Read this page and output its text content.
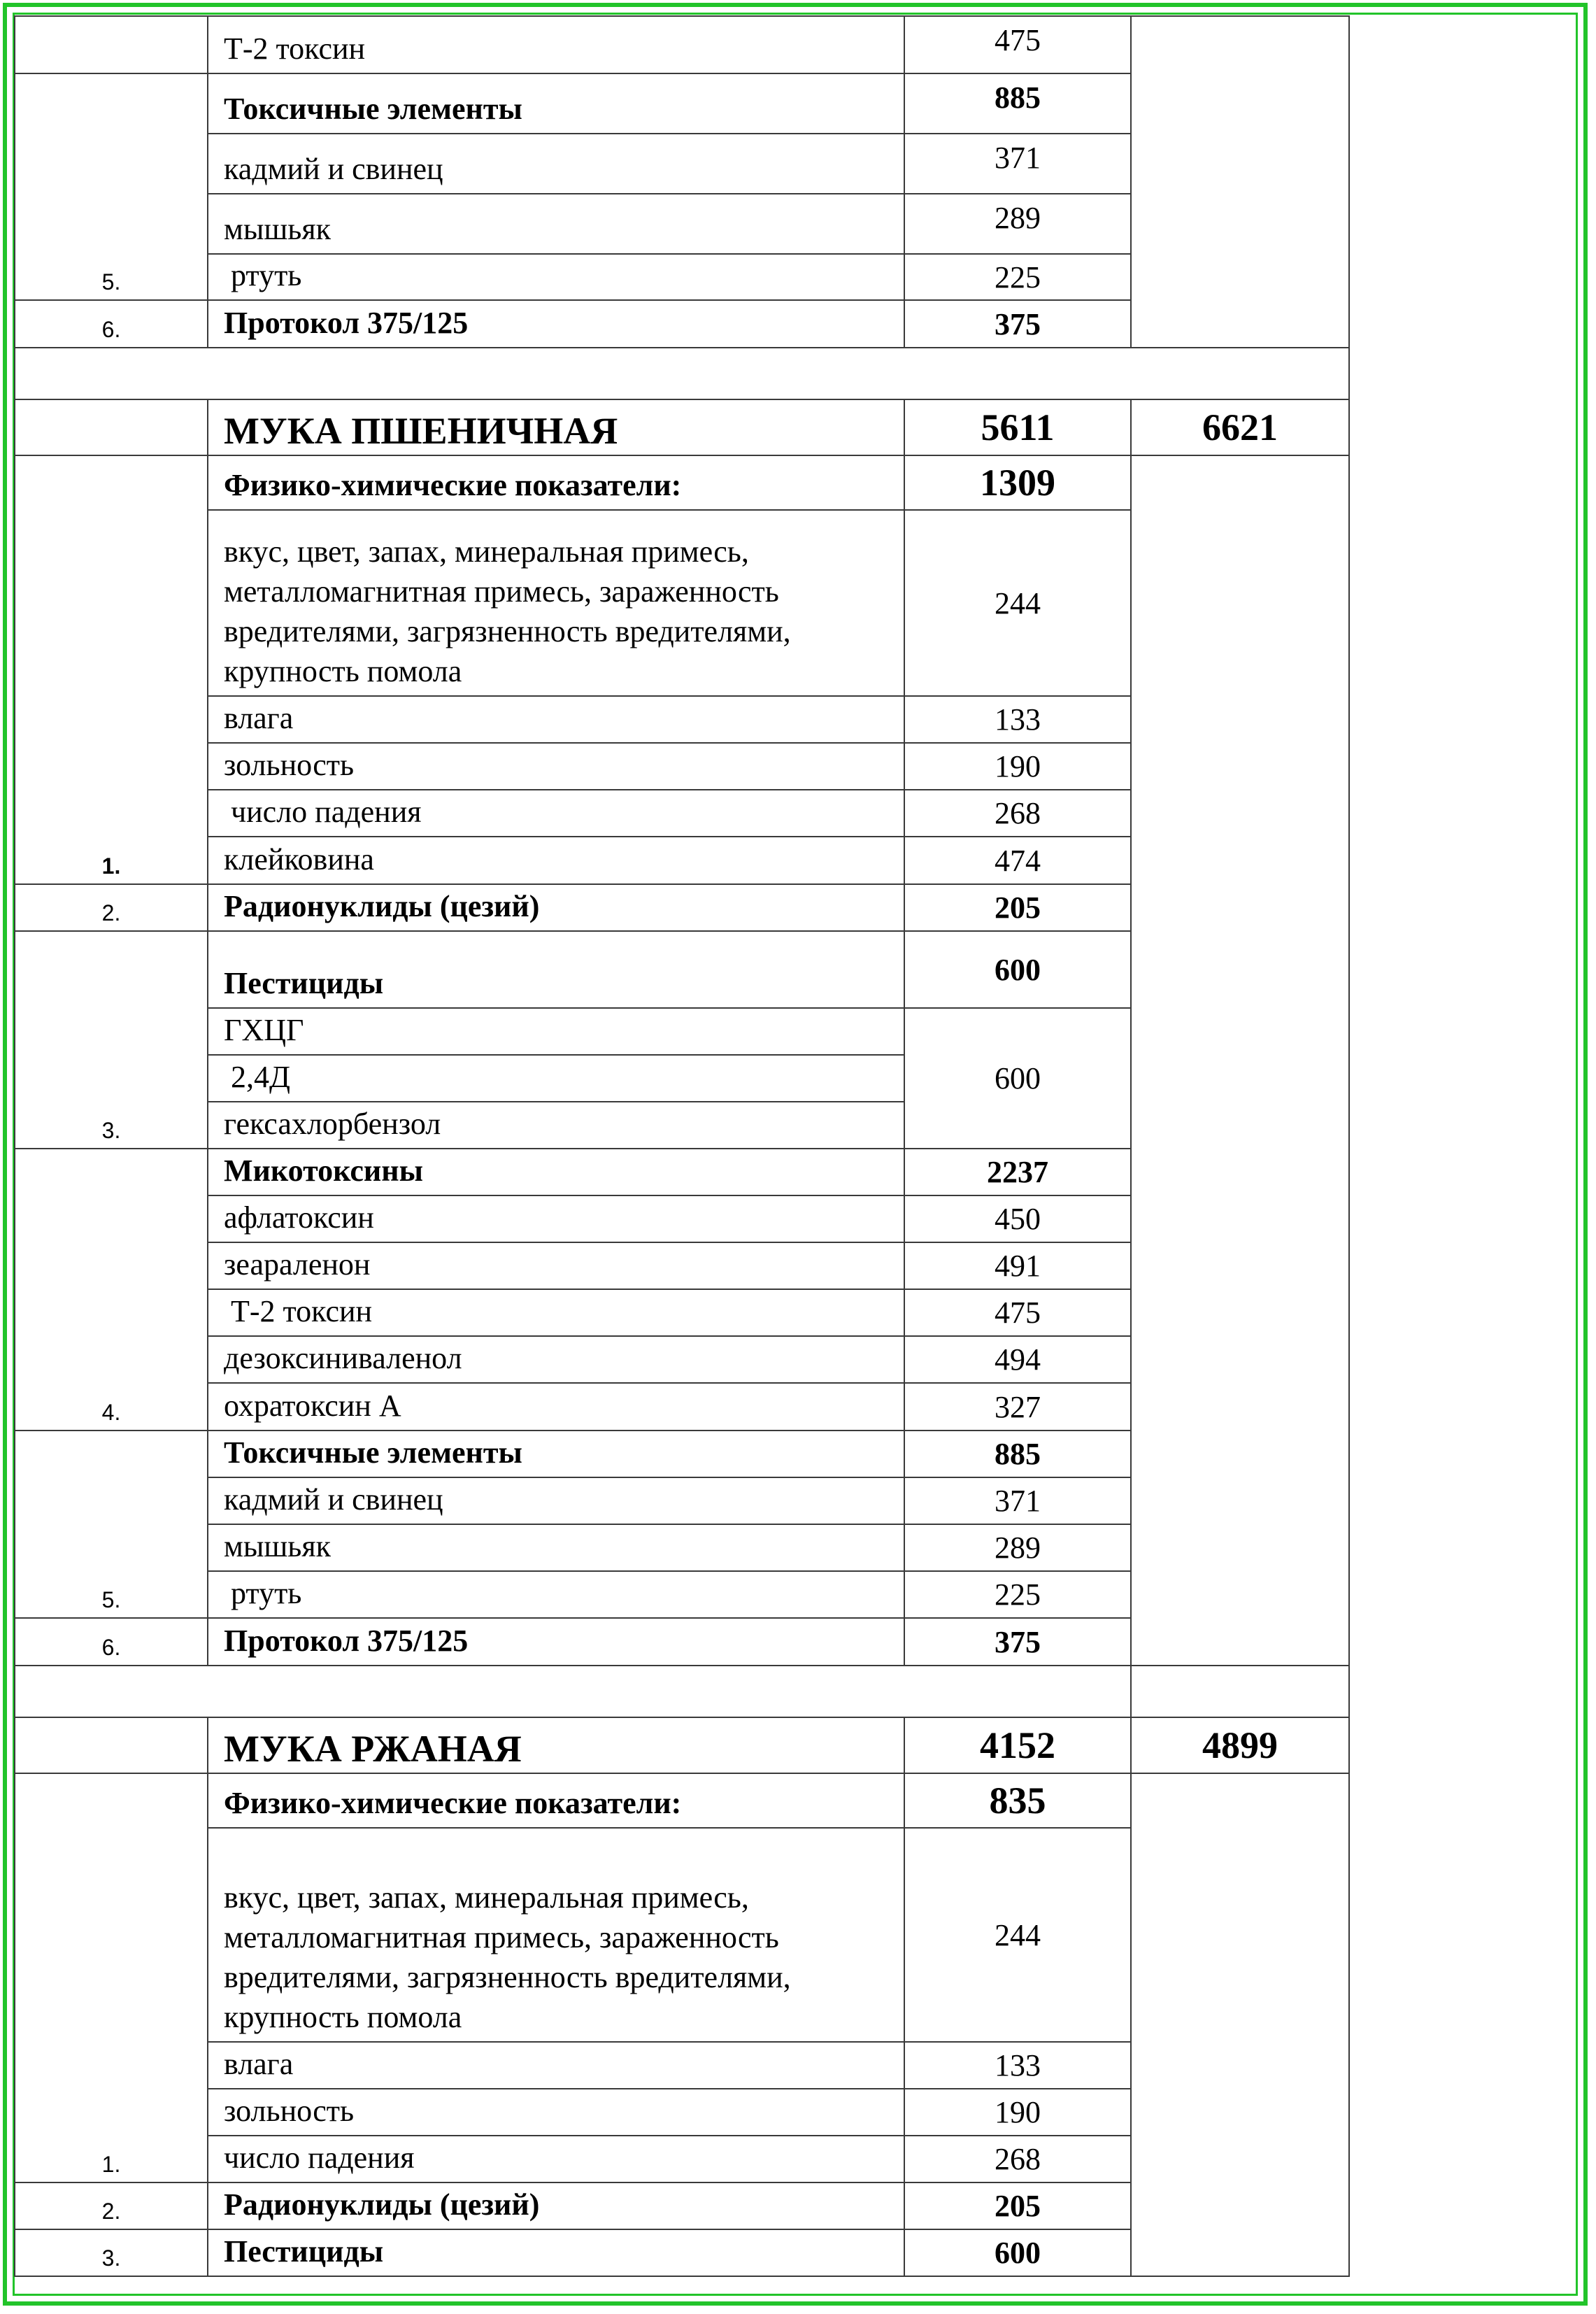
	Т-2 токсин	475	
5.	Токсичные элементы	885	
	кадмий и свинец	371	
	мышьяк	289	
	ртуть	225	
6.	Протокол 375/125	375	

	МУКА ПШЕНИЧНАЯ	5611	6621
1.	Физико-химические показатели:	1309	
	вкус, цвет, запах, минеральная примесь, металломагнитная примесь, зараженность вредителями, загрязненность вредителями, крупность помола	244	
	влага	133	
	зольность	190	
	число падения	268	
	клейковина	474	
2.	Радионуклиды (цезий)	205	
3.	Пестициды	600	
	ГХЦГ	600	
	2,4Д		
	гексахлорбензол		
4.	Микотоксины	2237	
	афлатоксин	450	
	зеараленон	491	
	Т-2 токсин	475	
	дезоксиниваленол	494	
	охратоксин А	327	
5.	Токсичные элементы	885	
	кадмий и свинец	371	
	мышьяк	289	
	ртуть	225	
6.	Протокол 375/125	375	

	МУКА РЖАНАЯ	4152	4899
1.	Физико-химические показатели:	835	
	вкус, цвет, запах, минеральная примесь, металломагнитная примесь, зараженность вредителями, загрязненность вредителями, крупность помола	244	
	влага	133	
	зольность	190	
	число падения	268	
2.	Радионуклиды (цезий)	205	
3.	Пестициды	600	
